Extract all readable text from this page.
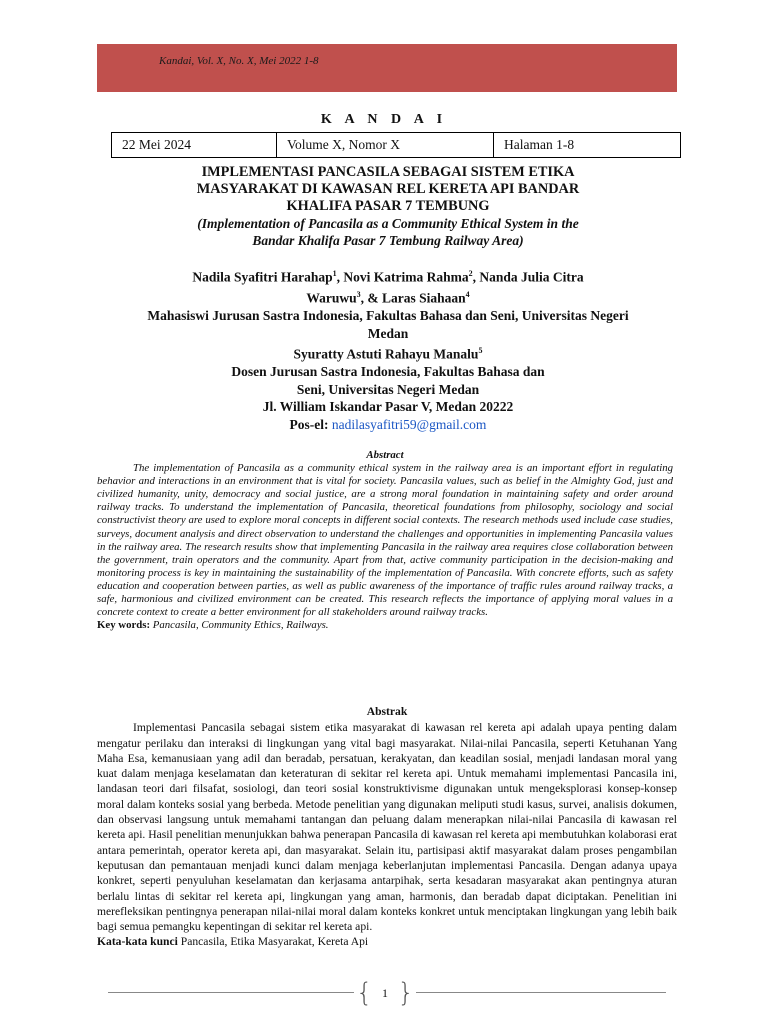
Kandai, Vol. X, No. X, Mei 2022 1-8
K A N D A I
22 Mei 2024	Volume X, Nomor X	Halaman 1-8
IMPLEMENTASI PANCASILA SEBAGAI SISTEM ETIKA
MASYARAKAT DI KAWASAN REL KERETA API BANDAR
KHALIFA PASAR 7 TEMBUNG
(Implementation of Pancasila as a Community Ethical System in the
Bandar Khalifa Pasar 7 Tembung Railway Area)
Nadila Syafitri Harahap$^1$, Novi Katrima Rahma$^2$, Nanda Julia Citra
Waruwu$^3$, & Laras Siahaan$^4$
Mahasiswi Jurusan Sastra Indonesia, Fakultas Bahasa dan Seni, Universitas Negeri
Medan
Syuratty Astuti Rahayu Manalu$^5$
Dosen Jurusan Sastra Indonesia, Fakultas Bahasa dan
Seni, Universitas Negeri Medan
Jl. William Iskandar Pasar V, Medan 20222
Pos-el: nadilasyafitri59@gmail.com
Abstract
The implementation of Pancasila as a community ethical system in the railway area is an important effort in regulating behavior and interactions in an environment that is vital for society. Pancasila values, such as belief in the Almighty God, just and civilized humanity, unity, democracy and social justice, are a strong moral foundation in maintaining safety and order around railway tracks. To understand the implementation of Pancasila, theoretical foundations from philosophy, sociology and social constructivist theory are used to explore moral concepts in different social contexts. The research methods used include case studies, surveys, document analysis and direct observation to understand the challenges and opportunities in implementing Pancasila values in the railway area. The research results show that implementing Pancasila in the railway area requires close collaboration between the government, train operators and the community. Apart from that, active community participation in the decision-making and monitoring process is key in maintaining the sustainability of the implementation of Pancasila. With concrete efforts, such as safety education and cooperation between parties, as well as public awareness of the importance of traffic rules around railway tracks, a safe, harmonious and civilized environment can be created. This research reflects the importance of applying moral values in a concrete context to create a better environment for all stakeholders around railway tracks.
Key words: Pancasila, Community Ethics, Railways.
Abstrak
Implementasi Pancasila sebagai sistem etika masyarakat di kawasan rel kereta api adalah upaya penting dalam mengatur perilaku dan interaksi di lingkungan yang vital bagi masyarakat. Nilai-nilai Pancasila, seperti Ketuhanan Yang Maha Esa, kemanusiaan yang adil dan beradab, persatuan, kerakyatan, dan keadilan sosial, menjadi landasan moral yang kuat dalam menjaga keselamatan dan keteraturan di sekitar rel kereta api. Untuk memahami implementasi Pancasila ini, landasan teori dari filsafat, sosiologi, dan teori sosial konstruktivisme digunakan untuk mengeksplorasi konsep-konsep moral dalam konteks sosial yang berbeda. Metode penelitian yang digunakan meliputi studi kasus, survei, analisis dokumen, dan observasi langsung untuk memahami tantangan dan peluang dalam menerapkan nilai-nilai Pancasila di kawasan rel kereta api. Hasil penelitian menunjukkan bahwa penerapan Pancasila di kawasan rel kereta api membutuhkan kolaborasi erat antara pemerintah, operator kereta api, dan masyarakat. Selain itu, partisipasi aktif masyarakat dalam proses pengambilan keputusan dan pemantauan menjadi kunci dalam menjaga keberlanjutan implementasi Pancasila. Dengan adanya upaya konkret, seperti penyuluhan keselamatan dan kerjasama antarpihak, serta kesadaran masyarakat akan pentingnya aturan berlalu lintas di sekitar rel kereta api, lingkungan yang aman, harmonis, dan beradab dapat diciptakan. Penelitian ini merefleksikan pentingnya penerapan nilai-nilai moral dalam konteks konkret untuk menciptakan lingkungan yang lebih baik bagi semua pemangku kepentingan di sekitar rel kereta api.
Kata-kata kunci Pancasila, Etika Masyarakat, Kereta Api
{ 1 }
